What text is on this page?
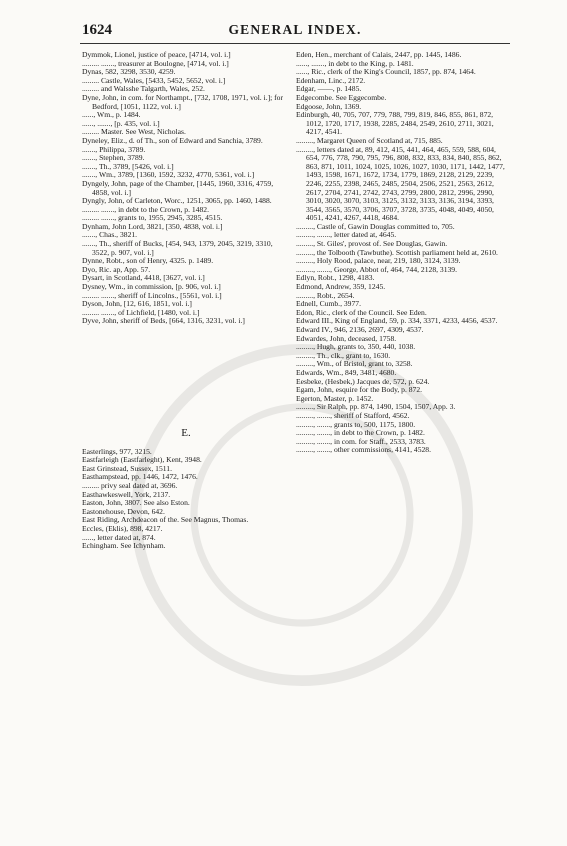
1624	GENERAL INDEX.

Dymmok, Lionel, justice of peace, [4714, vol. i.]

......... ......., treasurer at Boulogne, [4714, vol. i.]

Dynas, 582, 3298, 3530, 4259.

......... Castle, Wales, [5433, 5452, 5652, vol. i.]

......... and Walsshe Talgarth, Wales, 252.

Dyne, John, in com. for Northampt., [732, 1708, 1971, vol. i.]; for Bedford, [1051, 1122, vol. i.]

......, Wm., p. 1484.

......, ......., [p. 435, vol. i.]

......... Master. See West, Nicholas.

Dyneley, Eliz., d. of Th., son of Edward and Sanchia, 3789.

......., Philippa, 3789.

......., Stephen, 3789.

......., Th., 3789, [5426, vol. i.]

......., Wm., 3789, [1360, 1592, 3232, 4770, 5361, vol. i.]

Dyngely, John, page of the Chamber, [1445, 1960, 3316, 4759, 4858, vol. i.]

Dyngly, John, of Carleton, Worc., 1251, 3065, pp. 1460, 1488.

......... ......., in debt to the Crown, p. 1482.

......... ......., grants to, 1955, 2945, 3285, 4515.

Dynham, John Lord, 3821, [350, 4838, vol. i.]

......., Chas., 3821.

......., Th., sheriff of Bucks, [454, 943, 1379, 2045, 3219, 3310, 3522, p. 907, vol. i.]

Dynne, Robt., son of Henry, 4325. p. 1489.

Dyo, Ric. ap, App. 57.

Dysart, in Scotland, 4418, [3627, vol. i.]

Dysney, Wm., in commission, [p. 906, vol. i.]

......... ......., sheriff of Lincolns., [5561, vol. i.]

Dyson, John, [12, 616, 1851, vol. i.]

......... ......., of Lichfield, [1480, vol. i.]

Dyve, John, sheriff of Beds, [664, 1316, 3231, vol. i.]

E.

Easterlings, 977, 3215.

Eastfarleigh (Eastfarleght), Kent, 3948.

East Grinstead, Sussex, 1511.

Easthampstead, pp. 1446, 1472, 1476.

......... privy seal dated at, 3696.

Easthawkeswell, York, 2137.

Easton, John, 3807. See also Eston.

Eastonehouse, Devon, 642.

East Riding, Archdeacon of the. See Magnus, Thomas.

Eccles, (Eklis), 898, 4217.

......, letter dated at, 874.

Echingham. See Ichynham.

Eden, Hen., merchant of Calais, 2447, pp. 1445, 1486.

......, ......., in debt to the King, p. 1481.

......, Ric., clerk of the King's Council, 1857, pp. 874, 1464.

Edenham, Linc., 2172.

Edgar, ——, p. 1485.

Edgecombe. See Eggecombe.

Edgoose, John, 1369.

Edinburgh, 40, 705, 707, 779, 788, 799, 819, 846, 855, 861, 872, 1012, 1720, 1717, 1938, 2285, 2484, 2549, 2610, 2711, 3021, 4217, 4541.

........., Margaret Queen of Scotland at, 715, 885.

........., letters dated at, 89, 412, 415, 441, 464, 465, 559, 588, 604, 654, 776, 778, 790, 795, 796, 808, 832, 833, 834, 840, 855, 862, 863, 871, 1011, 1024, 1025, 1026, 1027, 1030, 1171, 1442, 1477, 1493, 1598, 1671, 1672, 1734, 1779, 1869, 2128, 2129, 2239, 2246, 2255, 2398, 2465, 2485, 2504, 2506, 2521, 2563, 2612, 2617, 2704, 2741, 2742, 2743, 2799, 2800, 2812, 2996, 2990, 3010, 3020, 3070, 3103, 3125, 3132, 3133, 3136, 3194, 3393, 3544, 3565, 3570, 3706, 3707, 3728, 3735, 4048, 4049, 4050, 4051, 4241, 4267, 4418, 4684.

........., Castle of, Gawin Douglas committed to, 705.

........., ......., letter dated at, 4645.

........., St. Giles', provost of. See Douglas, Gawin.

........., the Tolbooth (Tawbuthe). Scottish parliament held at, 2610.

........., Holy Rood, palace, near, 219, 180, 3124, 3139.

........., ......., George, Abbot of, 464, 744, 2128, 3139.

Edlyn, Robt., 1298, 4183.

Edmond, Andrew, 359, 1245.

........., Robt., 2654.

Ednell, Cumb., 3977.

Edon, Ric., clerk of the Council. See Eden.

Edward III., King of England, 59, p. 334, 3371, 4233, 4456, 4537.

Edward IV., 946, 2136, 2697, 4309, 4537.

Edwardes, John, deceased, 1758.

........., Hugh, grants to, 350, 440, 1038.

........., Th., clk., grant to, 1630.

........., Wm., of Bristol, grant to, 3258.

Edwards, Wm., 849, 3481, 4680.

Eesbeke, (Hesbek,) Jacques de, 572, p. 624.

Egam, John, esquire for the Body, p. 872.

Egerton, Master, p. 1452.

........., Sir Ralph, pp. 874, 1490, 1504, 1507, App. 3.

........., ......., sheriff of Stafford, 4562.

........., ......., grants to, 500, 1175, 1800.

........., ......., in debt to the Crown, p. 1482.

........., ......., in com. for Staff., 2533, 3783.

........., ......., other commissions, 4141, 4528.
